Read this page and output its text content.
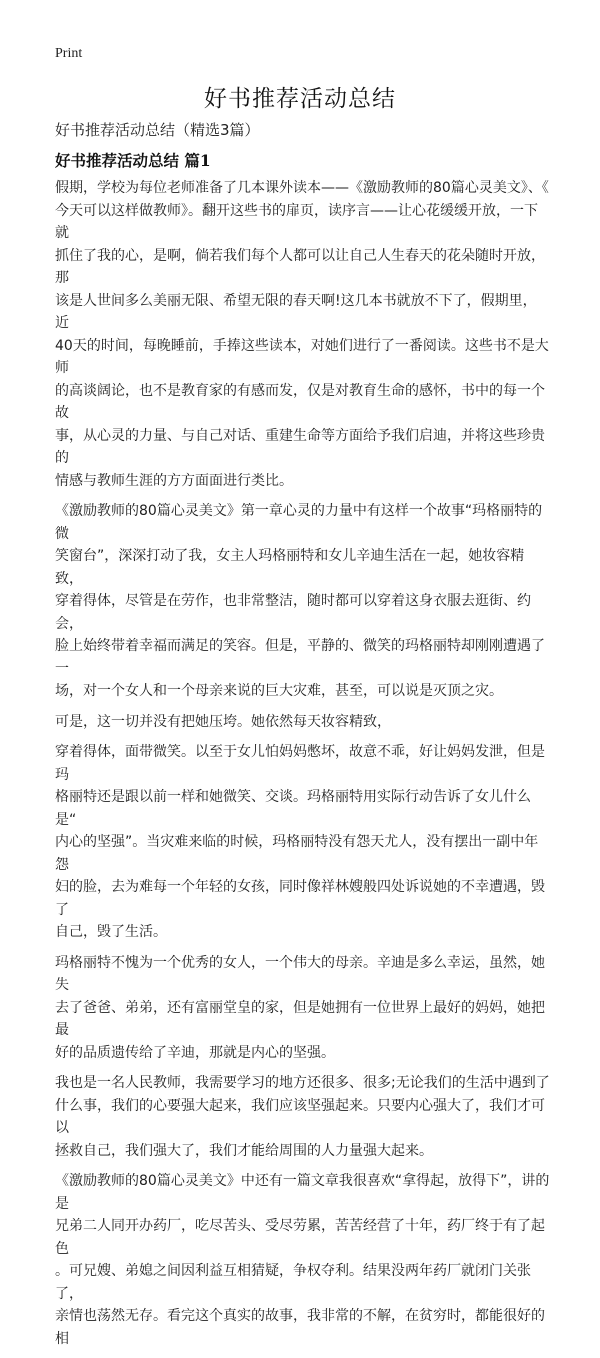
Print
好书推荐活动总结
好书推荐活动总结（精选3篇）
好书推荐活动总结 篇1
假期，学校为每位老师准备了几本课外读本——《激励教师的80篇心灵美文》、《
今天可以这样做教师》。翻开这些书的扉页，读序言——让心花缓缓开放，一下就
抓住了我的心，是啊，倘若我们每个人都可以让自己人生春天的花朵随时开放，那
该是人世间多么美丽无限、希望无限的春天啊!这几本书就放不下了，假期里，近
40天的时间，每晚睡前，手捧这些读本，对她们进行了一番阅读。这些书不是大师
的高谈阔论，也不是教育家的有感而发，仅是对教育生命的感怀，书中的每一个故
事，从心灵的力量、与自己对话、重建生命等方面给予我们启迪，并将这些珍贵的
情感与教师生涯的方方面面进行类比。
《激励教师的80篇心灵美文》第一章心灵的力量中有这样一个故事“玛格丽特的微
笑窗台”，深深打动了我，女主人玛格丽特和女儿辛迪生活在一起，她妆容精致，
穿着得体，尽管是在劳作，也非常整洁，随时都可以穿着这身衣服去逛街、约会，
脸上始终带着幸福而满足的笑容。但是，平静的、微笑的玛格丽特却刚刚遭遇了一
场，对一个女人和一个母亲来说的巨大灾难，甚至，可以说是灭顶之灾。
可是，这一切并没有把她压垮。她依然每天妆容精致，
穿着得体，面带微笑。以至于女儿怕妈妈憋坏，故意不乖，好让妈妈发泄，但是玛
格丽特还是跟以前一样和她微笑、交谈。玛格丽特用实际行动告诉了女儿什么是“
内心的坚强”。当灾难来临的时候，玛格丽特没有怨天尤人，没有摆出一副中年怨
妇的脸，去为难每一个年轻的女孩，同时像祥林嫂般四处诉说她的不幸遭遇，毁了
自己，毁了生活。
玛格丽特不愧为一个优秀的女人，一个伟大的母亲。辛迪是多么幸运，虽然，她失
去了爸爸、弟弟，还有富丽堂皇的家，但是她拥有一位世界上最好的妈妈，她把最
好的品质遗传给了辛迪，那就是内心的坚强。
我也是一名人民教师，我需要学习的地方还很多、很多;无论我们的生活中遇到了
什么事，我们的心要强大起来，我们应该坚强起来。只要内心强大了，我们才可以
拯救自己，我们强大了，我们才能给周围的人力量强大起来。
《激励教师的80篇心灵美文》中还有一篇文章我很喜欢“拿得起，放得下”，讲的是
兄弟二人同开办药厂，吃尽苦头、受尽劳累，苦苦经营了十年，药厂终于有了起色
。可兄嫂、弟媳之间因利益互相猜疑，争权夺利。结果没两年药厂就闭门关张了，
亲情也荡然无存。看完这个真实的故事，我非常的不解，在贫穷时，都能很好的相
